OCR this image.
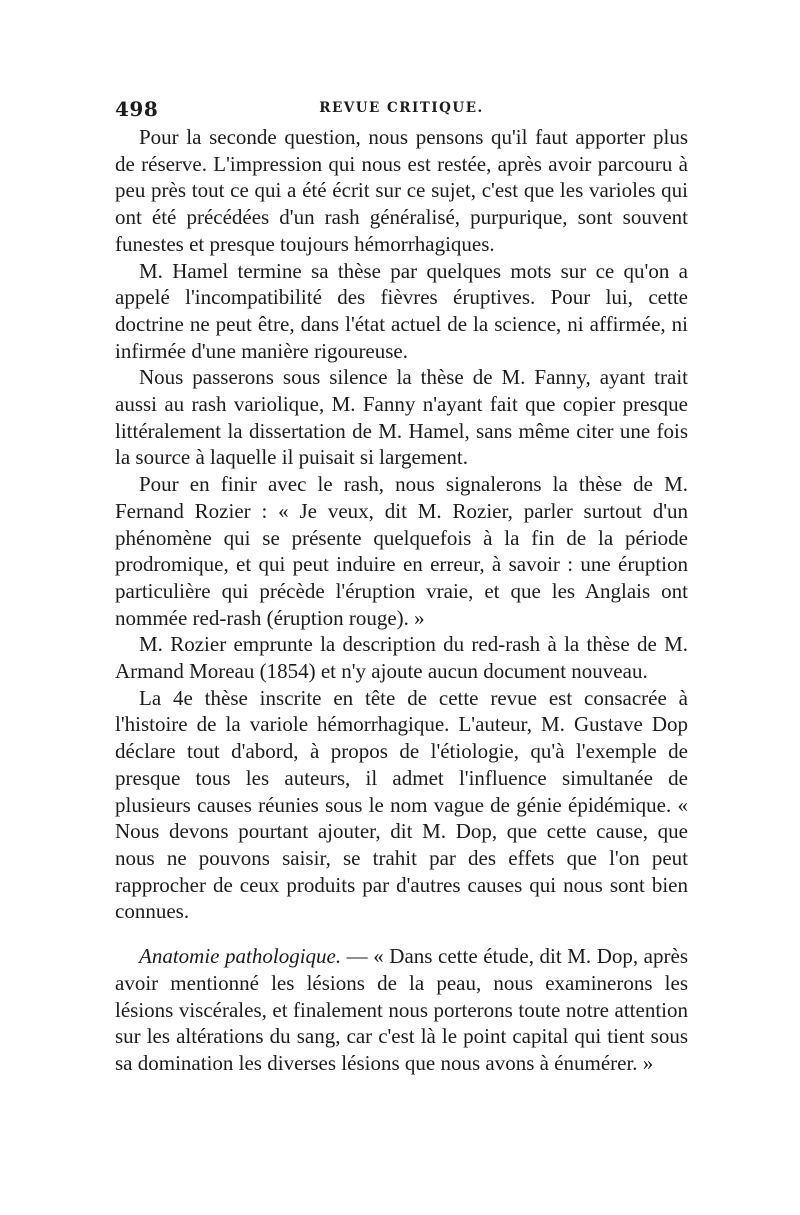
498	REVUE CRITIQUE.

Pour la seconde question, nous pensons qu'il faut apporter plus de réserve. L'impression qui nous est restée, après avoir parcouru à peu près tout ce qui a été écrit sur ce sujet, c'est que les varioles qui ont été précédées d'un rash généralisé, purpurique, sont souvent funestes et presque toujours hémorrhagiques.

M. Hamel termine sa thèse par quelques mots sur ce qu'on a appelé l'incompatibilité des fièvres éruptives. Pour lui, cette doctrine ne peut être, dans l'état actuel de la science, ni affirmée, ni infirmée d'une manière rigoureuse.

Nous passerons sous silence la thèse de M. Fanny, ayant trait aussi au rash variolique, M. Fanny n'ayant fait que copier presque littéralement la dissertation de M. Hamel, sans même citer une fois la source à laquelle il puisait si largement.

Pour en finir avec le rash, nous signalerons la thèse de M. Fernand Rozier : « Je veux, dit M. Rozier, parler surtout d'un phénomène qui se présente quelquefois à la fin de la période prodromique, et qui peut induire en erreur, à savoir : une éruption particulière qui précède l'éruption vraie, et que les Anglais ont nommée red-rash (éruption rouge). »

M. Rozier emprunte la description du red-rash à la thèse de M. Armand Moreau (1854) et n'y ajoute aucun document nouveau.

La 4e thèse inscrite en tête de cette revue est consacrée à l'histoire de la variole hémorrhagique. L'auteur, M. Gustave Dop déclare tout d'abord, à propos de l'étiologie, qu'à l'exemple de presque tous les auteurs, il admet l'influence simultanée de plusieurs causes réunies sous le nom vague de génie épidémique. « Nous devons pourtant ajouter, dit M. Dop, que cette cause, que nous ne pouvons saisir, se trahit par des effets que l'on peut rapprocher de ceux produits par d'autres causes qui nous sont bien connues.

Anatomie pathologique. — « Dans cette étude, dit M. Dop, après avoir mentionné les lésions de la peau, nous examinerons les lésions viscérales, et finalement nous porterons toute notre attention sur les altérations du sang, car c'est là le point capital qui tient sous sa domination les diverses lésions que nous avons à énumérer. »
